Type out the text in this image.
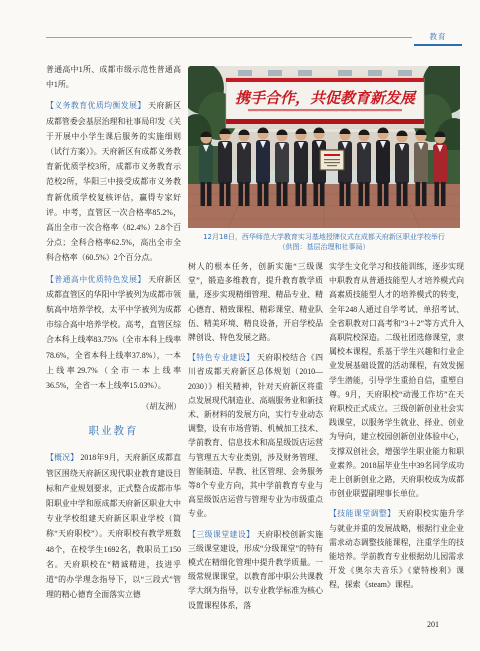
教育

普通高中1所、成都市级示范性普通高中1所。

【义务教育优质均衡发展】 天府新区成都管委会基层治理和社事局印发《关于开展中小学生课后服务的实施细则（试行方案）》。天府新区有成都义务教育新优质学校3所，成都市义务教育示范校2所，华阳三中接受成都市义务教育新优质学校复核评估，赢得专家好评。中考，直管区一次合格率85.2%，高出全市一次合格率（82.4%）2.8个百分点；全科合格率62.5%，高出全市全科合格率（60.5%）2个百分点。

【普通高中优质特色发展】 天府新区成都直管区的华阳中学被列为成都市领航高中培养学校，太平中学被列为成都市综合高中培养学校。高考，直管区综合本科上线率83.75%（全市本科上线率78.6%，全省本科上线率37.8%），一本上线率29.7%（全市一本上线率36.5%，全省一本上线率15.03%）。

（胡友洲）

职业教育

【概况】 2018年9月，天府新区成都直管区围绕天府新区现代职业教育建设目标和产业规划要求，正式整合成都市华阳职业中学和原成都天府新区职业大中专业学校组建天府新区职业学校（简称“天府职校”）。天府职校有教学班数48个，在校学生1692名，教职员工150名。天府职校在“精诚精进，技进乎道”的办学理念指导下，以“三段式”管理的精心德育全面落实立德

携手合作，共促教育新发展
12月18日，西华师范大学教育实习基地授牌仪式在成都天府新区职业学校举行
（供图：基层治理和社事局）

树人的根本任务，创新实施“三级课堂”，锻造多维教育，提升教育教学质量，逐步实现精细管理、精品专业、精心德育、精致课程、精彩课堂、精业队伍、精美环境、精良设备，开启学校品牌创设、特色发展之路。

【特色专业建设】 天府职校结合《四川省成都天府新区总体规划（2010—2030）》相关精神，针对天府新区将重点发展现代制造业、高端服务业和新技术、新材料的发展方向，实行专业动态调整，设有市场营销、机械加工技术、学前教育、信息技术和高星级饭店运营与管理五大专业类别，涉及财务管理、智能制造、早教、社区管理、会务服务等8个专业方向，其中学前教育专业与高星级饭店运营与管理专业为市级重点专业。

【三级课堂建设】 天府职校创新实施三级课堂建设，形成“分级课堂”的特有模式在精细化管理中提升教学质量。一级常规课课堂，以教育部中职公共课教学大纲为指导，以专业教学标准为核心设置课程体系，落

实学生文化学习和技能训练，逐步实现中职教育从普通技能型人才培养模式向高素质技能型人才的培养模式的转变，全年248人通过自学考试、单招考试、全省职教对口高考和“3＋2”等方式升入高职院校深造。二级社团选修课堂，隶属校本课程，系基于学生兴趣和行业企业发展基础设置的活动课程，有效发掘学生潜能，引导学生重拾自信，重塑自尊。9月，天府职校“动漫工作坊”在天府职校正式成立。三级创新创业社会实践课堂，以服务学生就业、择业、创业为导向，建立校园创新创业体验中心，支撑双创社会，增强学生职业能力和职业素养。2018届毕业生中39名同学成功走上创新创业之路，天府职校成为成都市创业联盟副理事长单位。

【技能课堂调整】 天府职校实施升学与就业并重的发展战略，根据行业企业需求动态调整技能课程，注重学生的技能培养。学前教育专业根据幼儿园需求开发《奥尔夫音乐》《蒙特梭利》课程，探索《steam》课程。

201
